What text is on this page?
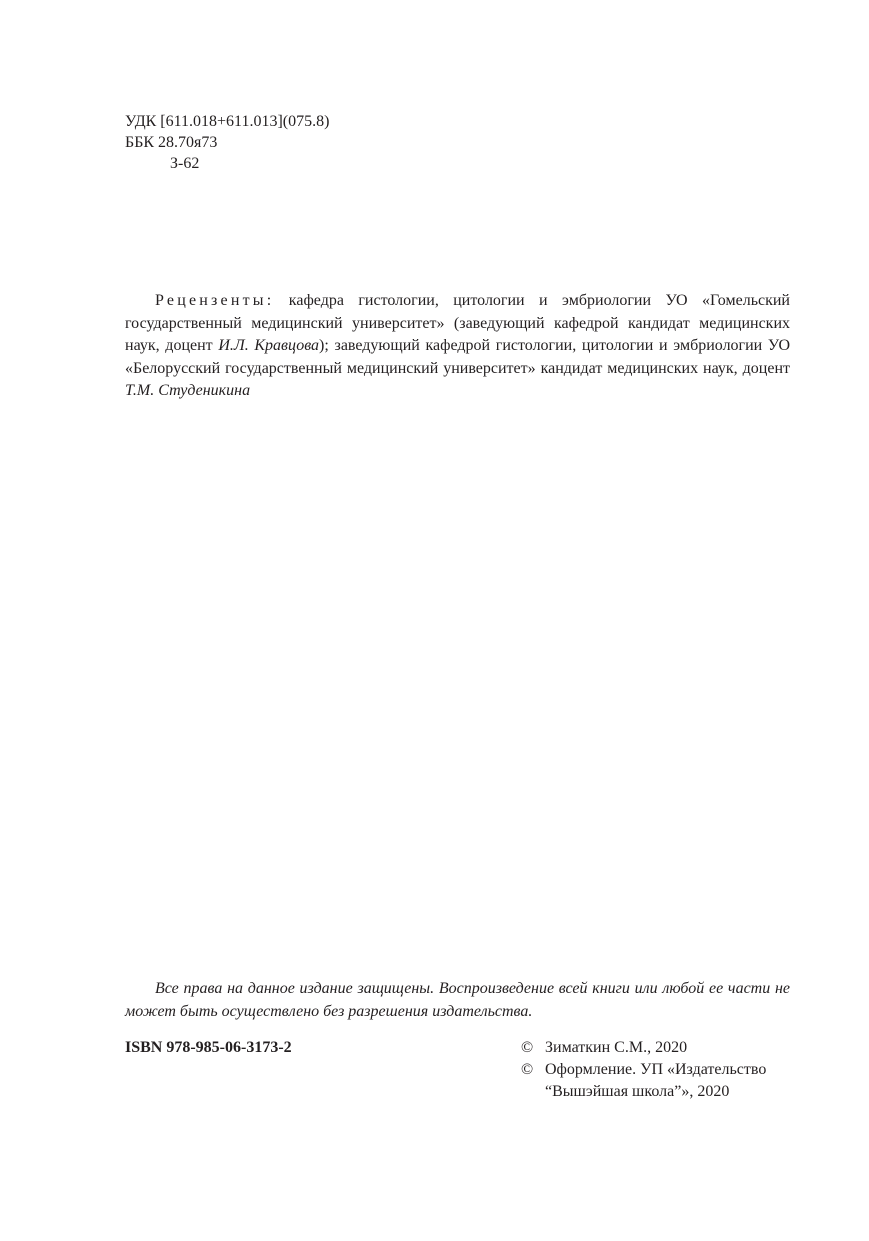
УДК [611.018+611.013](075.8)
ББК 28.70я73
З-62
Рецензенты: кафедра гистологии, цитологии и эмбриологии УО «Гомельский государственный медицинский университет» (заведующий кафедрой кандидат медицинских наук, доцент И.Л. Кравцова); заведующий кафедрой гистологии, цитологии и эмбриологии УО «Белорусский государственный медицинский университет» кандидат медицинских наук, доцент Т.М. Студеникина
Все права на данное издание защищены. Воспроизведение всей книги или любой ее части не может быть осуществлено без разрешения издательства.
ISBN 978-985-06-3173-2	© Зиматкин С.М., 2020
© Оформление. УП «Издательство
“Вышэйшая школа”», 2020
